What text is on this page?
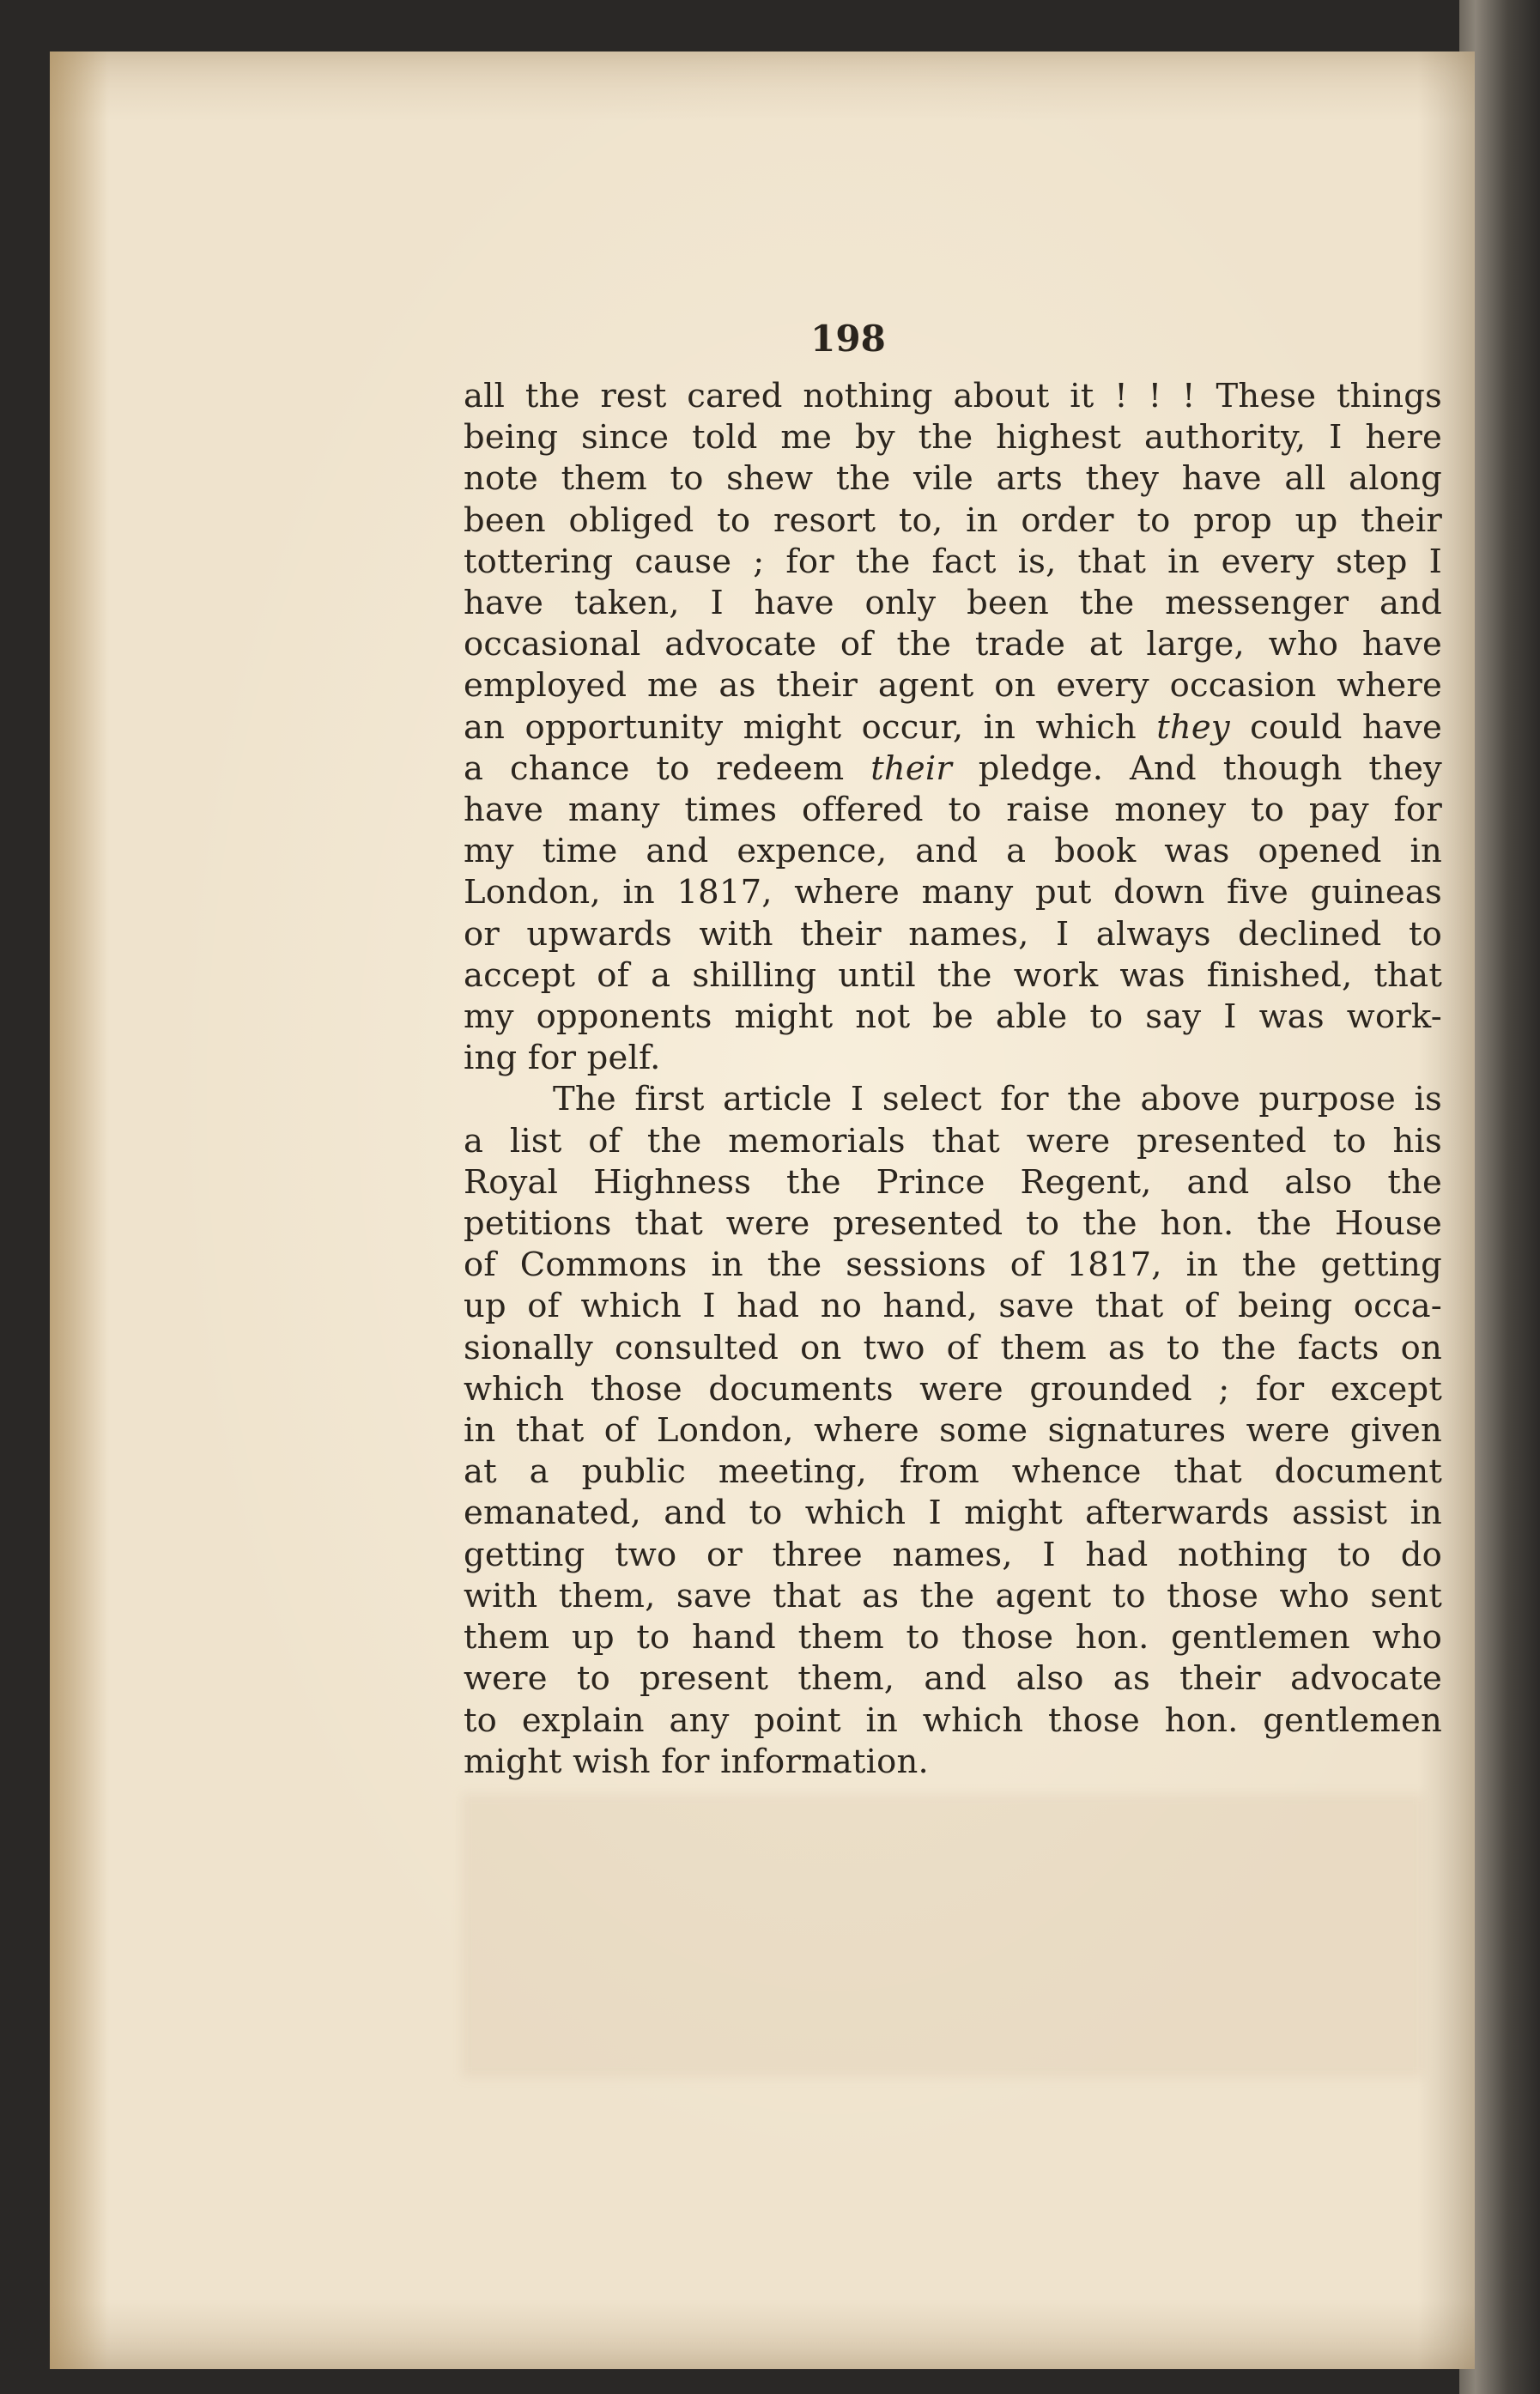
198

all the rest cared nothing about it ! ! ! These things
being since told me by the highest authority, I here
note them to shew the vile arts they have all along
been obliged to resort to, in order to prop up their
tottering cause ; for the fact is, that in every step I
have taken, I have only been the messenger and
occasional advocate of the trade at large, who have
employed me as their agent on every occasion where
an opportunity might occur, in which they could have
a chance to redeem their pledge. And though they
have many times offered to raise money to pay for
my time and expence, and a book was opened in
London, in 1817, where many put down five guineas
or upwards with their names, I always declined to
accept of a shilling until the work was finished, that
my opponents might not be able to say I was work-
ing for pelf.

The first article I select for the above purpose is
a list of the memorials that were presented to his
Royal Highness the Prince Regent, and also the
petitions that were presented to the hon. the House
of Commons in the sessions of 1817, in the getting
up of which I had no hand, save that of being occa-
sionally consulted on two of them as to the facts on
which those documents were grounded ; for except
in that of London, where some signatures were given
at a public meeting, from whence that document
emanated, and to which I might afterwards assist in
getting two or three names, I had nothing to do
with them, save that as the agent to those who sent
them up to hand them to those hon. gentlemen who
were to present them, and also as their advocate
to explain any point in which those hon. gentlemen
might wish for information.
